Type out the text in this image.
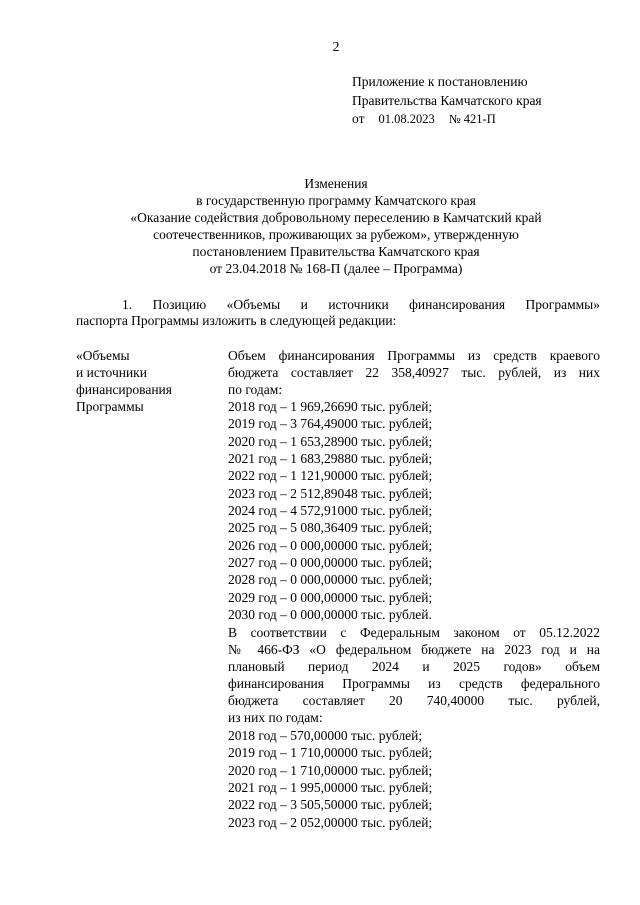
2
Приложение к постановлению
Правительства Камчатского края
от 01.08.2023 № 421-П
Изменения
в государственную программу Камчатского края
«Оказание содействия добровольному переселению в Камчатский край
соотечественников, проживающих за рубежом», утвержденную
постановлением Правительства Камчатского края
от 23.04.2018 № 168-П (далее – Программа)
1. Позицию «Объемы и источники финансирования Программы»
паспорта Программы изложить в следующей редакции:
«Объемы
и источники
финансирования
Программы
Объем финансирования Программы из средств краевого
бюджета составляет 22 358,40927 тыс. рублей, из них
по годам:
2018 год – 1 969,26690 тыс. рублей;
2019 год – 3 764,49000 тыс. рублей;
2020 год – 1 653,28900 тыс. рублей;
2021 год – 1 683,29880 тыс. рублей;
2022 год – 1 121,90000 тыс. рублей;
2023 год – 2 512,89048 тыс. рублей;
2024 год – 4 572,91000 тыс. рублей;
2025 год – 5 080,36409 тыс. рублей;
2026 год – 0 000,00000 тыс. рублей;
2027 год – 0 000,00000 тыс. рублей;
2028 год – 0 000,00000 тыс. рублей;
2029 год – 0 000,00000 тыс. рублей;
2030 год – 0 000,00000 тыс. рублей.
В соответствии с Федеральным законом от 05.12.2022
№ 466-ФЗ «О федеральном бюджете на 2023 год и на
плановый период 2024 и 2025 годов» объем
финансирования Программы из средств федерального
бюджета составляет 20 740,40000 тыс. рублей,
из них по годам:
2018 год – 570,00000 тыс. рублей;
2019 год – 1 710,00000 тыс. рублей;
2020 год – 1 710,00000 тыс. рублей;
2021 год – 1 995,00000 тыс. рублей;
2022 год – 3 505,50000 тыс. рублей;
2023 год – 2 052,00000 тыс. рублей;
